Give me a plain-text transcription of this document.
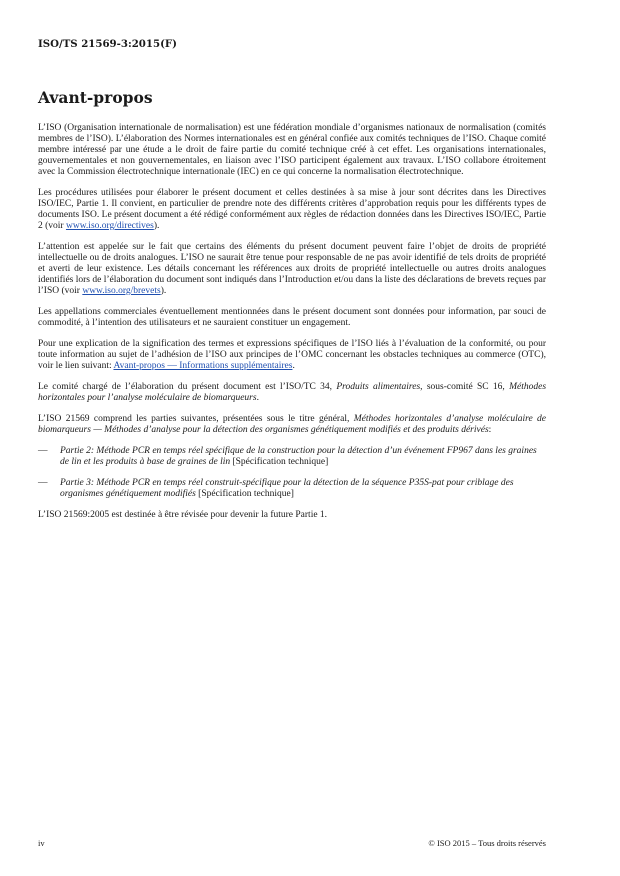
ISO/TS 21569-3:2015(F)
Avant-propos

L’ISO (Organisation internationale de normalisation) est une fédération mondiale d’organismes nationaux de normalisation (comités membres de l’ISO). L’élaboration des Normes internationales est en général confiée aux comités techniques de l’ISO. Chaque comité membre intéressé par une étude a le droit de faire partie du comité technique créé à cet effet. Les organisations internationales, gouvernementales et non gouvernementales, en liaison avec l’ISO participent également aux travaux. L’ISO collabore étroitement avec la Commission électrotechnique internationale (IEC) en ce qui concerne la normalisation électrotechnique.

Les procédures utilisées pour élaborer le présent document et celles destinées à sa mise à jour sont décrites dans les Directives ISO/IEC, Partie 1. Il convient, en particulier de prendre note des différents critères d’approbation requis pour les différents types de documents ISO. Le présent document a été rédigé conformément aux règles de rédaction données dans les Directives ISO/IEC, Partie 2 (voir www.iso.org/directives).

L’attention est appelée sur le fait que certains des éléments du présent document peuvent faire l’objet de droits de propriété intellectuelle ou de droits analogues. L’ISO ne saurait être tenue pour responsable de ne pas avoir identifié de tels droits de propriété et averti de leur existence. Les détails concernant les références aux droits de propriété intellectuelle ou autres droits analogues identifiés lors de l’élaboration du document sont indiqués dans l’Introduction et/ou dans la liste des déclarations de brevets reçues par l’ISO (voir www.iso.org/brevets).

Les appellations commerciales éventuellement mentionnées dans le présent document sont données pour information, par souci de commodité, à l’intention des utilisateurs et ne sauraient constituer un engagement.

Pour une explication de la signification des termes et expressions spécifiques de l’ISO liés à l’évaluation de la conformité, ou pour toute information au sujet de l’adhésion de l’ISO aux principes de l’OMC concernant les obstacles techniques au commerce (OTC), voir le lien suivant: Avant-propos — Informations supplémentaires.

Le comité chargé de l’élaboration du présent document est l’ISO/TC 34, Produits alimentaires, sous-comité SC 16, Méthodes horizontales pour l’analyse moléculaire de biomarqueurs.

L’ISO 21569 comprend les parties suivantes, présentées sous le titre général, Méthodes horizontales d’analyse moléculaire de biomarqueurs — Méthodes d’analyse pour la détection des organismes génétiquement modifiés et des produits dérivés:

—	Partie 2: Méthode PCR en temps réel spécifique de la construction pour la détection d’un événement FP967 dans les graines de lin et les produits à base de graines de lin [Spécification technique]
—	Partie 3: Méthode PCR en temps réel construit-spécifique pour la détection de la séquence P35S-pat pour criblage des organismes génétiquement modifiés [Spécification technique]

L’ISO 21569:2005 est destinée à être révisée pour devenir la future Partie 1.

iv	© ISO 2015 – Tous droits réservés
